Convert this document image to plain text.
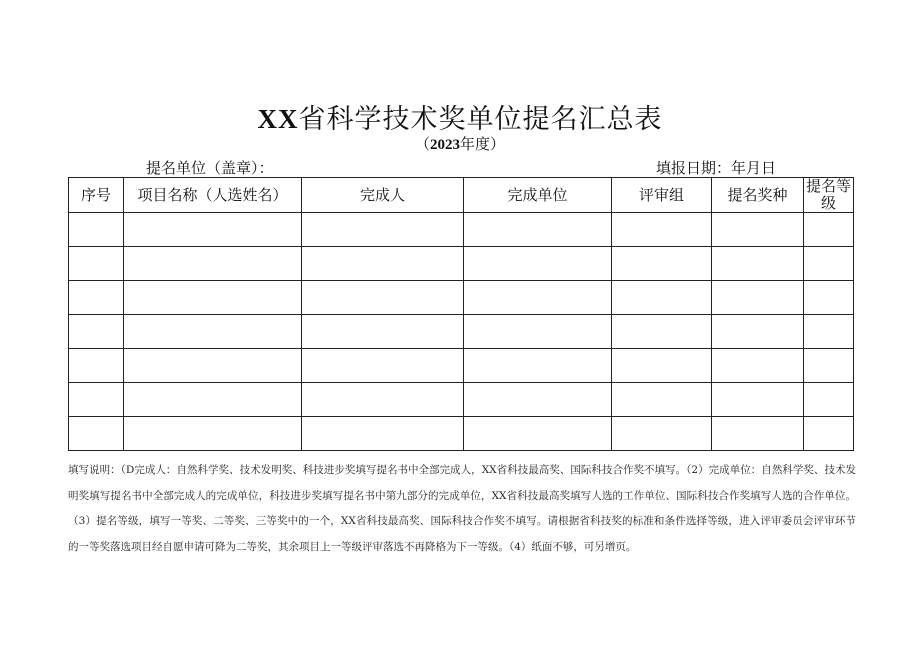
XX省科学技术奖单位提名汇总表
（2023年度）
提名单位（盖章）：	填报日期：年月日
序号	项目名称（人选姓名）	完成人	完成单位	评审组	提名奖种	提名等级

填写说明：（D完成人：自然科学奖、技术发明奖、科技进步奖填写提名书中全部完成人，XX省科技最高奖、国际科技合作奖不填写。（2）完成单位：自然科学奖、技术发明奖填写提名书中全部完成人的完成单位，科技进步奖填写提名书中第九部分的完成单位，XX省科技最高奖填写人选的工作单位、国际科技合作奖填写人选的合作单位。（3）提名等级，填写一等奖、二等奖、三等奖中的一个，XX省科技最高奖、国际科技合作奖不填写。请根据省科技奖的标准和条件选择等级，进入评审委员会评审环节的一等奖落选项目经自愿申请可降为二等奖，其余项目上一等级评审落选不再降格为下一等级。（4）纸面不够，可另增页。
